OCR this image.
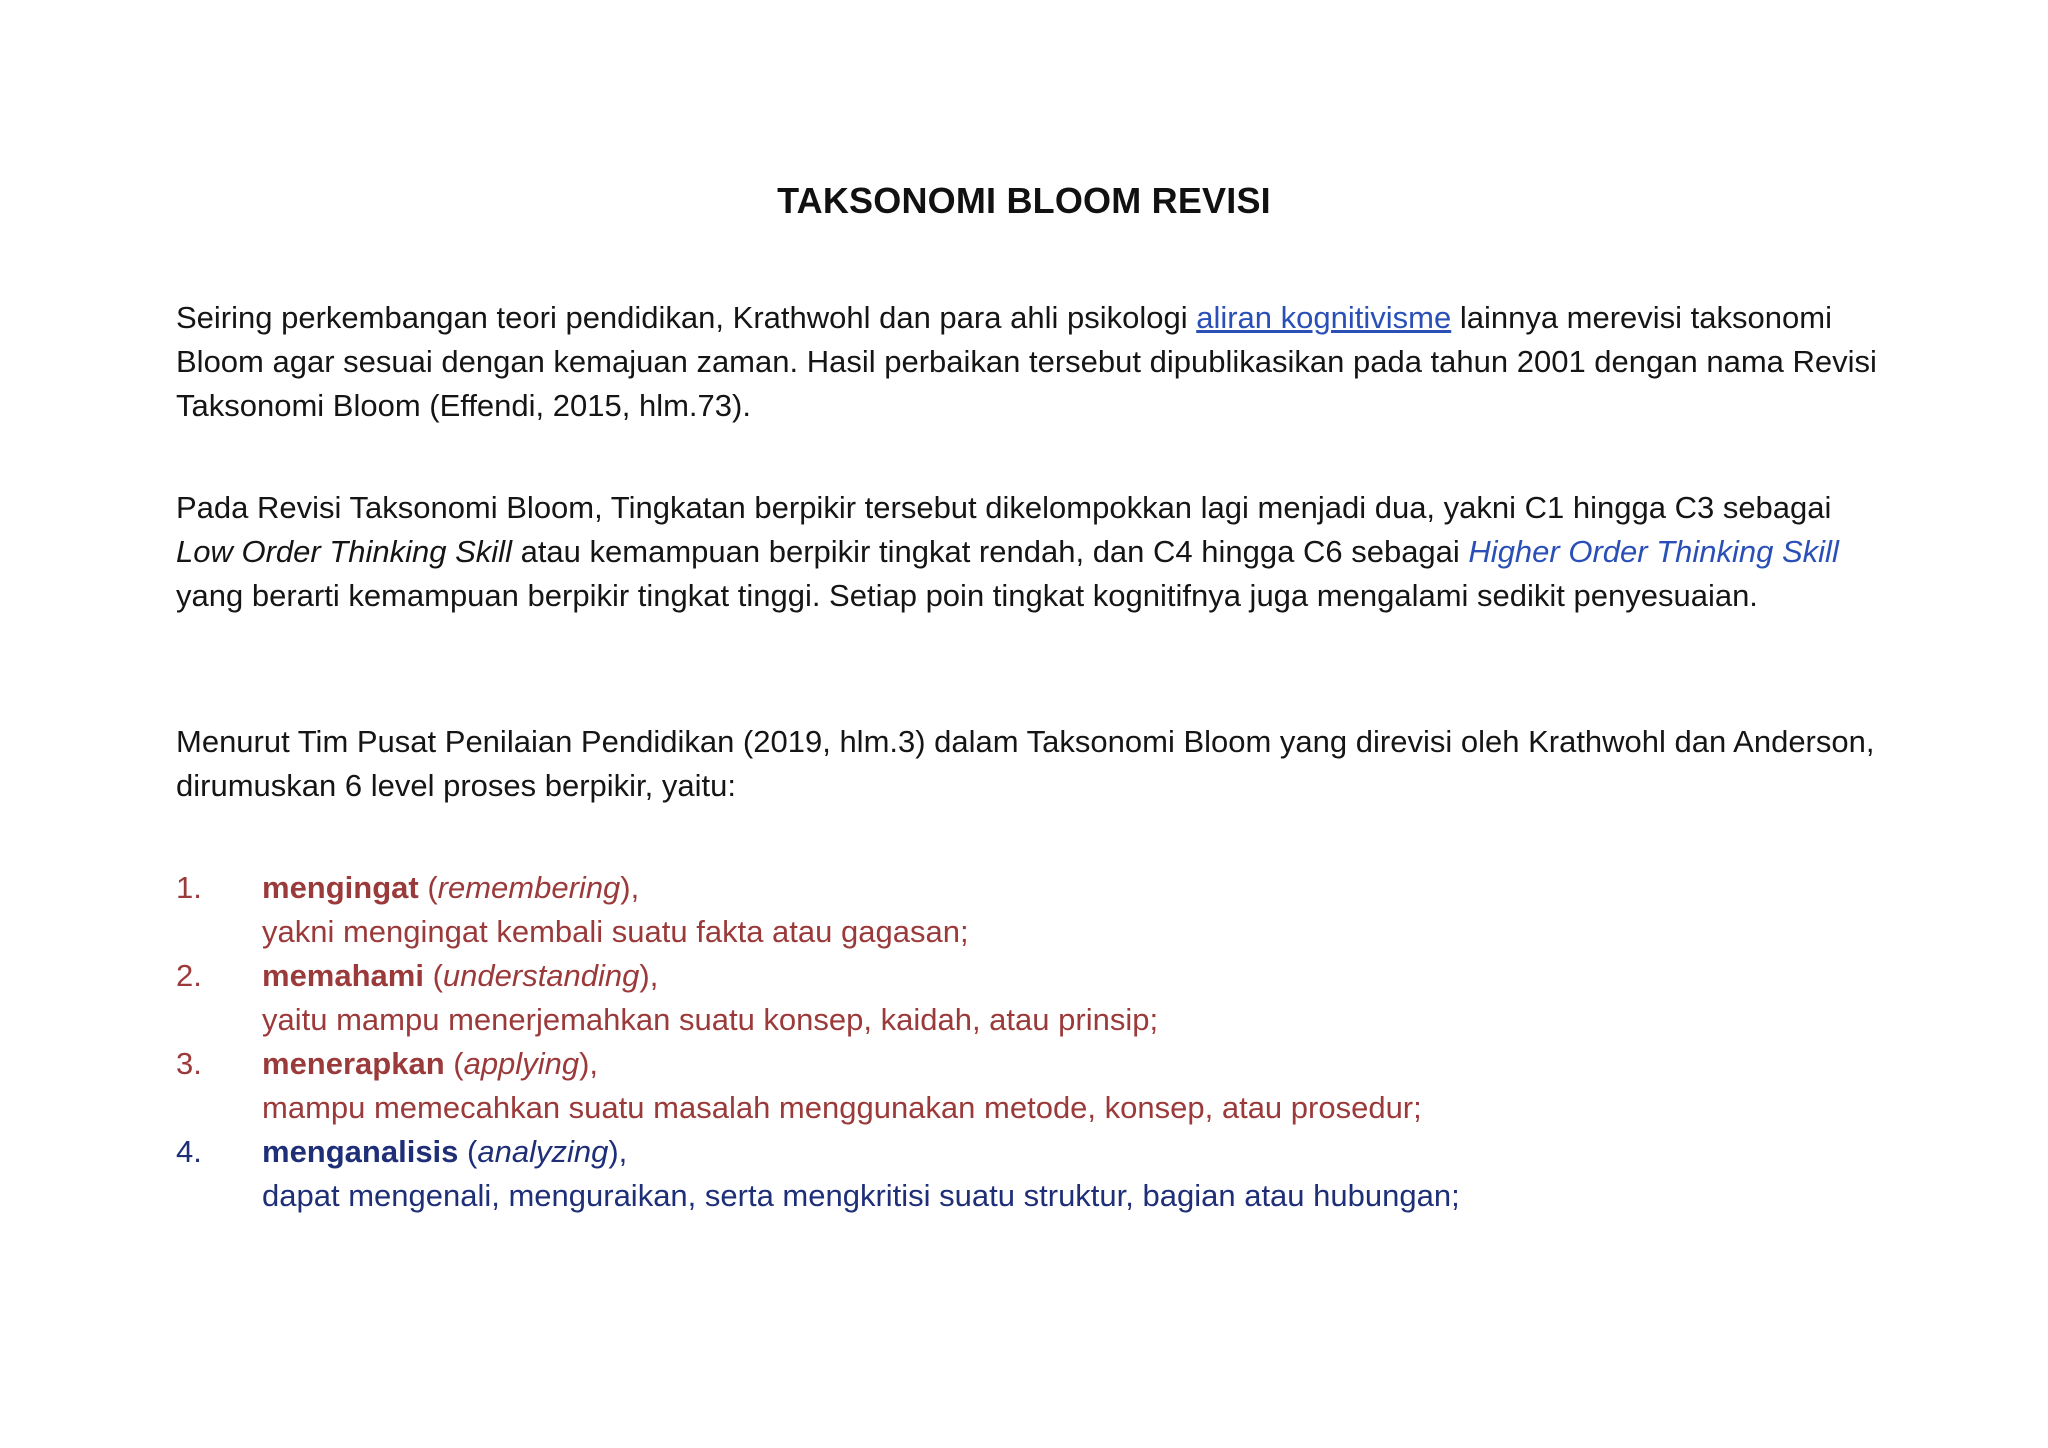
TAKSONOMI BLOOM REVISI

Seiring perkembangan teori pendidikan, Krathwohl dan para ahli psikologi aliran kognitivisme lainnya merevisi taksonomi Bloom agar sesuai dengan kemajuan zaman. Hasil perbaikan tersebut dipublikasikan pada tahun 2001 dengan nama Revisi Taksonomi Bloom (Effendi, 2015, hlm.73).

Pada Revisi Taksonomi Bloom, Tingkatan berpikir tersebut dikelompokkan lagi menjadi dua, yakni C1 hingga C3 sebagai Low Order Thinking Skill atau kemampuan berpikir tingkat rendah, dan C4 hingga C6 sebagai Higher Order Thinking Skill yang berarti kemampuan berpikir tingkat tinggi. Setiap poin tingkat kognitifnya juga mengalami sedikit penyesuaian.

Menurut Tim Pusat Penilaian Pendidikan (2019, hlm.3) dalam Taksonomi Bloom yang direvisi oleh Krathwohl dan Anderson, dirumuskan 6 level proses berpikir, yaitu:

1. mengingat (remembering),
yakni mengingat kembali suatu fakta atau gagasan;
2. memahami (understanding),
yaitu mampu menerjemahkan suatu konsep, kaidah, atau prinsip;
3. menerapkan (applying),
mampu memecahkan suatu masalah menggunakan metode, konsep, atau prosedur;
4. menganalisis (analyzing),
dapat mengenali, menguraikan, serta mengkritisi suatu struktur, bagian atau hubungan;
